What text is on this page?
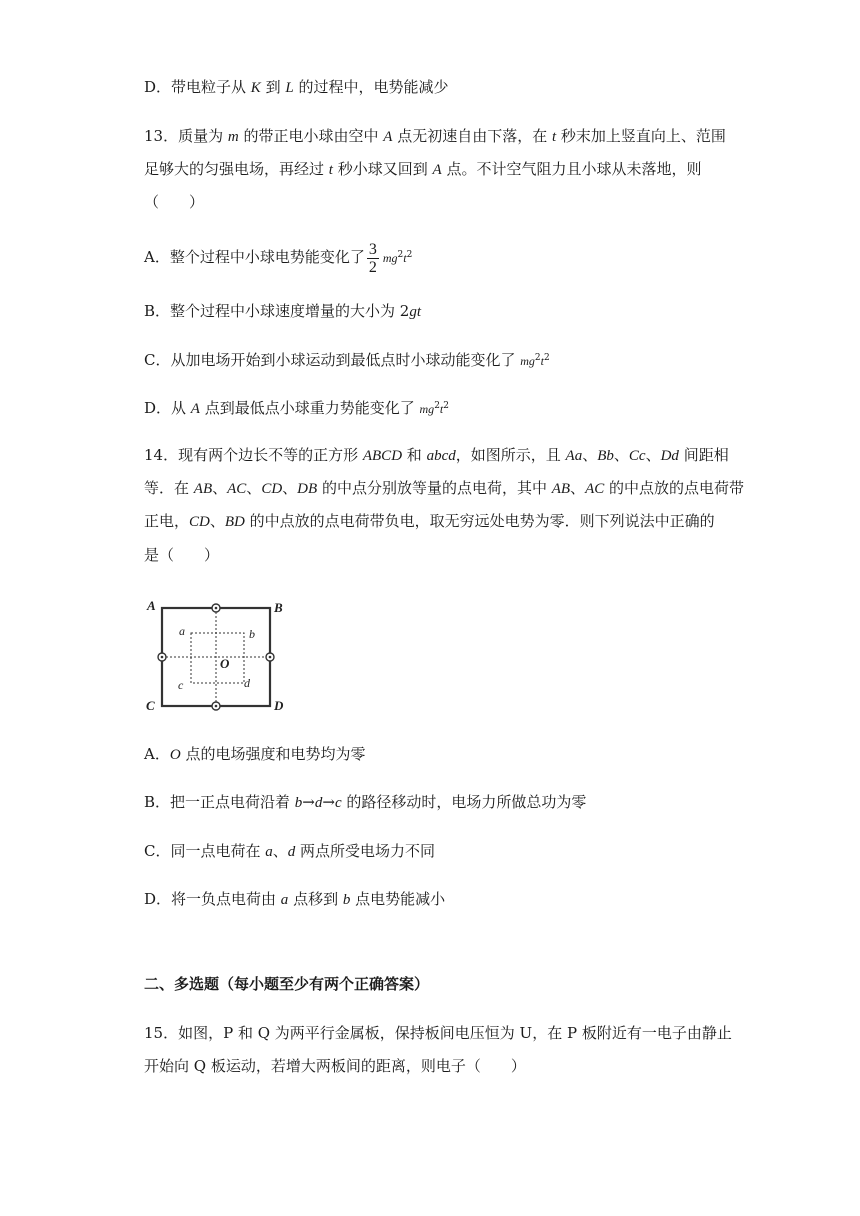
D．带电粒子从 K 到 L 的过程中，电势能减少
13．质量为 m 的带正电小球由空中 A 点无初速自由下落，在 t 秒末加上竖直向上、范围
足够大的匀强电场，再经过 t 秒小球又回到 A 点。不计空气阻力且小球从未落地，则
（　　）
A．整个过程中小球电势能变化了 $\frac{3}{2} mg^2t^2$
B．整个过程中小球速度增量的大小为 2gt
C．从加电场开始到小球运动到最低点时小球动能变化了 $mg^2t^2$
D．从 A 点到最低点小球重力势能变化了 $mg^2t^2$
14．现有两个边长不等的正方形 ABCD 和 abcd，如图所示，且 Aa、Bb、Cc、Dd 间距相
等．在 AB、AC、CD、DB 的中点分别放等量的点电荷，其中 AB、AC 的中点放的点电荷带
正电，CD、BD 的中点放的点电荷带负电，取无穷远处电势为零．则下列说法中正确的
是（　　）
A	B
C	D
O
a	b
c	d
A．O 点的电场强度和电势均为零
B．把一正点电荷沿着 b→d→c 的路径移动时，电场力所做总功为零
C．同一点电荷在 a、d 两点所受电场力不同
D．将一负点电荷由 a 点移到 b 点电势能减小
二、多选题（每小题至少有两个正确答案）
15．如图，P 和 Q 为两平行金属板，保持板间电压恒为 U，在 P 板附近有一电子由静止
开始向 Q 板运动，若增大两板间的距离，则电子（　　）
